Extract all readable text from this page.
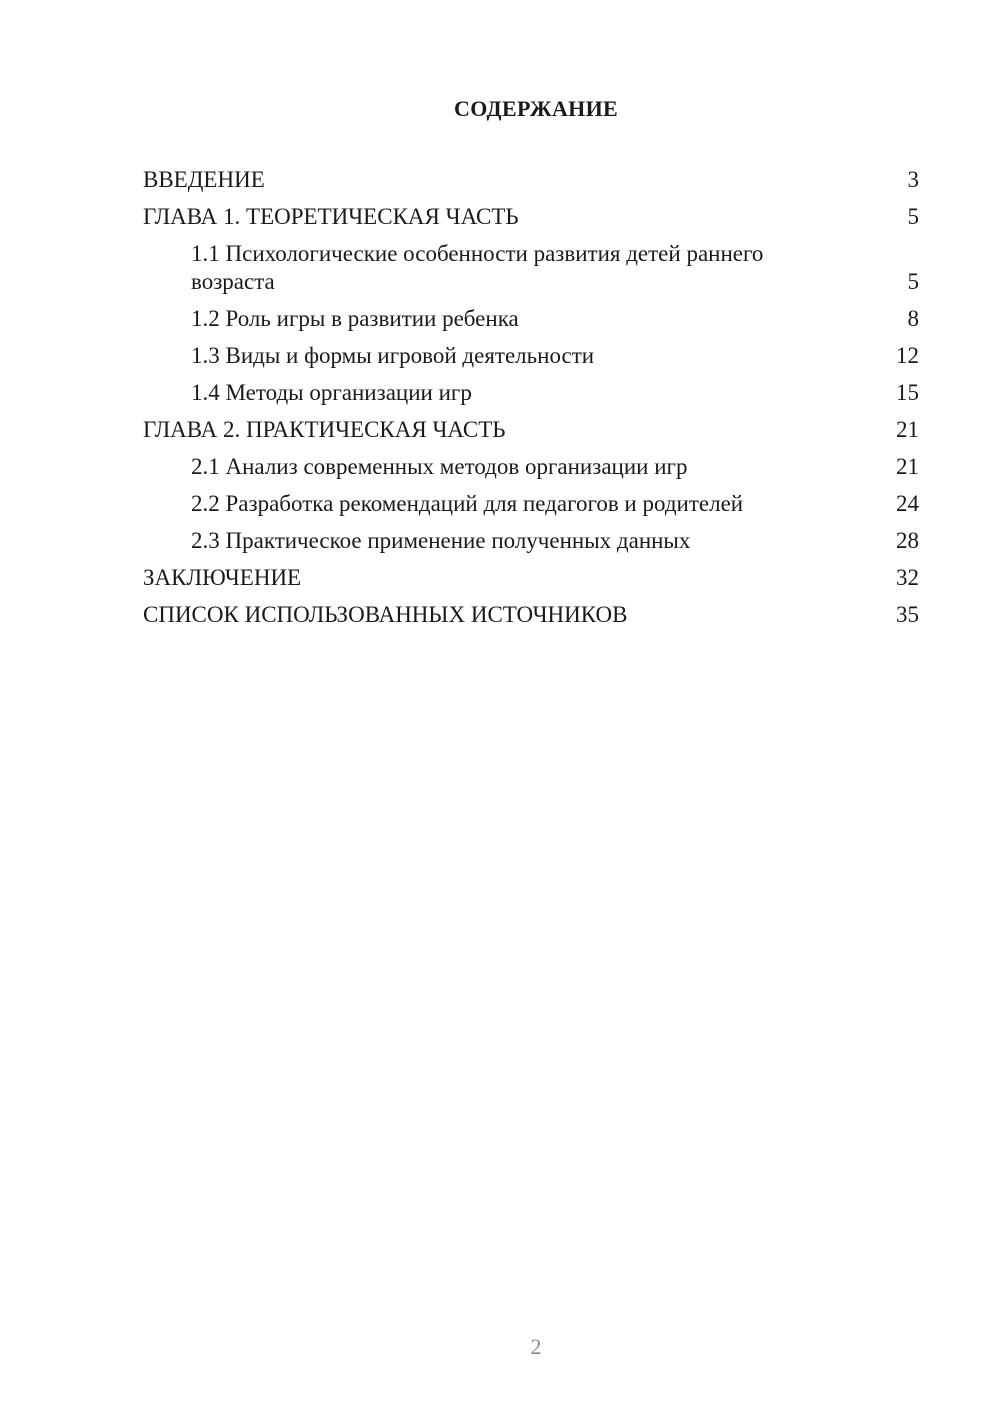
СОДЕРЖАНИЕ
ВВЕДЕНИЕ	3
ГЛАВА 1. ТЕОРЕТИЧЕСКАЯ ЧАСТЬ	5
1.1 Психологические особенности развития детей раннего возраста	5
1.2 Роль игры в развитии ребенка	8
1.3 Виды и формы игровой деятельности	12
1.4 Методы организации игр	15
ГЛАВА 2. ПРАКТИЧЕСКАЯ ЧАСТЬ	21
2.1 Анализ современных методов организации игр	21
2.2 Разработка рекомендаций для педагогов и родителей	24
2.3 Практическое применение полученных данных	28
ЗАКЛЮЧЕНИЕ	32
СПИСОК ИСПОЛЬЗОВАННЫХ ИСТОЧНИКОВ	35
2
